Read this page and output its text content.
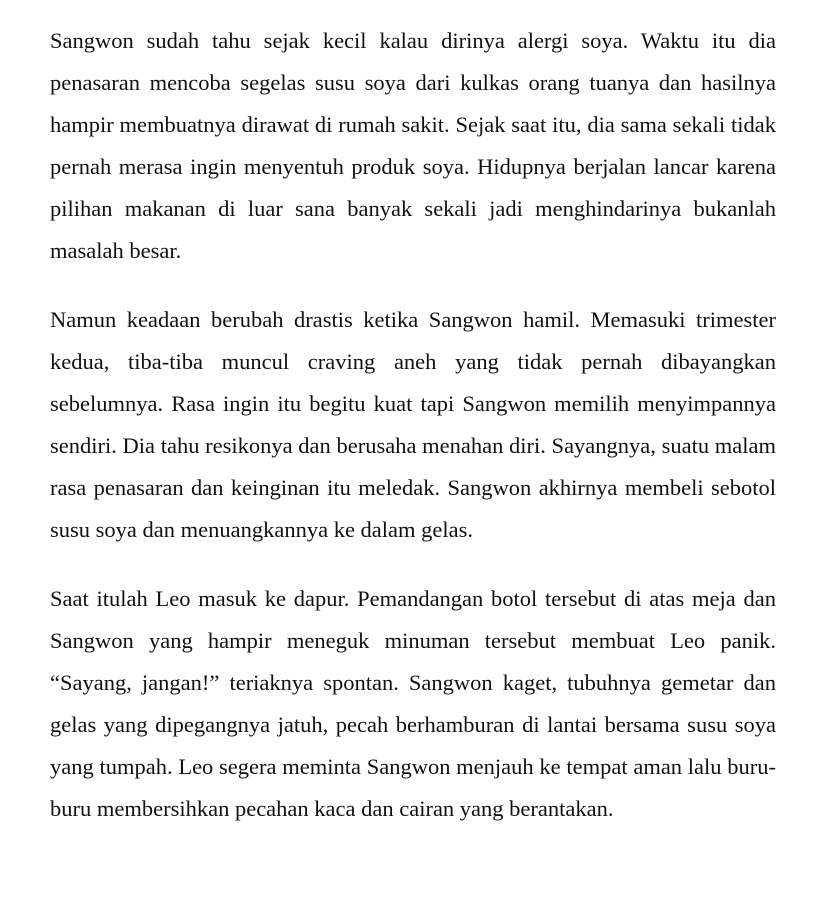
Sangwon sudah tahu sejak kecil kalau dirinya alergi soya. Waktu itu dia penasaran mencoba segelas susu soya dari kulkas orang tuanya dan hasilnya hampir membuatnya dirawat di rumah sakit. Sejak saat itu, dia sama sekali tidak pernah merasa ingin menyentuh produk soya. Hidupnya berjalan lancar karena pilihan makanan di luar sana banyak sekali jadi menghindarinya bukanlah masalah besar.

Namun keadaan berubah drastis ketika Sangwon hamil. Memasuki trimester kedua, tiba-tiba muncul craving aneh yang tidak pernah dibayangkan sebelumnya. Rasa ingin itu begitu kuat tapi Sangwon memilih menyimpannya sendiri. Dia tahu resikonya dan berusaha menahan diri. Sayangnya, suatu malam rasa penasaran dan keinginan itu meledak. Sangwon akhirnya membeli sebotol susu soya dan menuangkannya ke dalam gelas.

Saat itulah Leo masuk ke dapur. Pemandangan botol tersebut di atas meja dan Sangwon yang hampir meneguk minuman tersebut membuat Leo panik. “Sayang, jangan!” teriaknya spontan. Sangwon kaget, tubuhnya gemetar dan gelas yang dipegangnya jatuh, pecah berhamburan di lantai bersama susu soya yang tumpah. Leo segera meminta Sangwon menjauh ke tempat aman lalu buru-buru membersihkan pecahan kaca dan cairan yang berantakan.
